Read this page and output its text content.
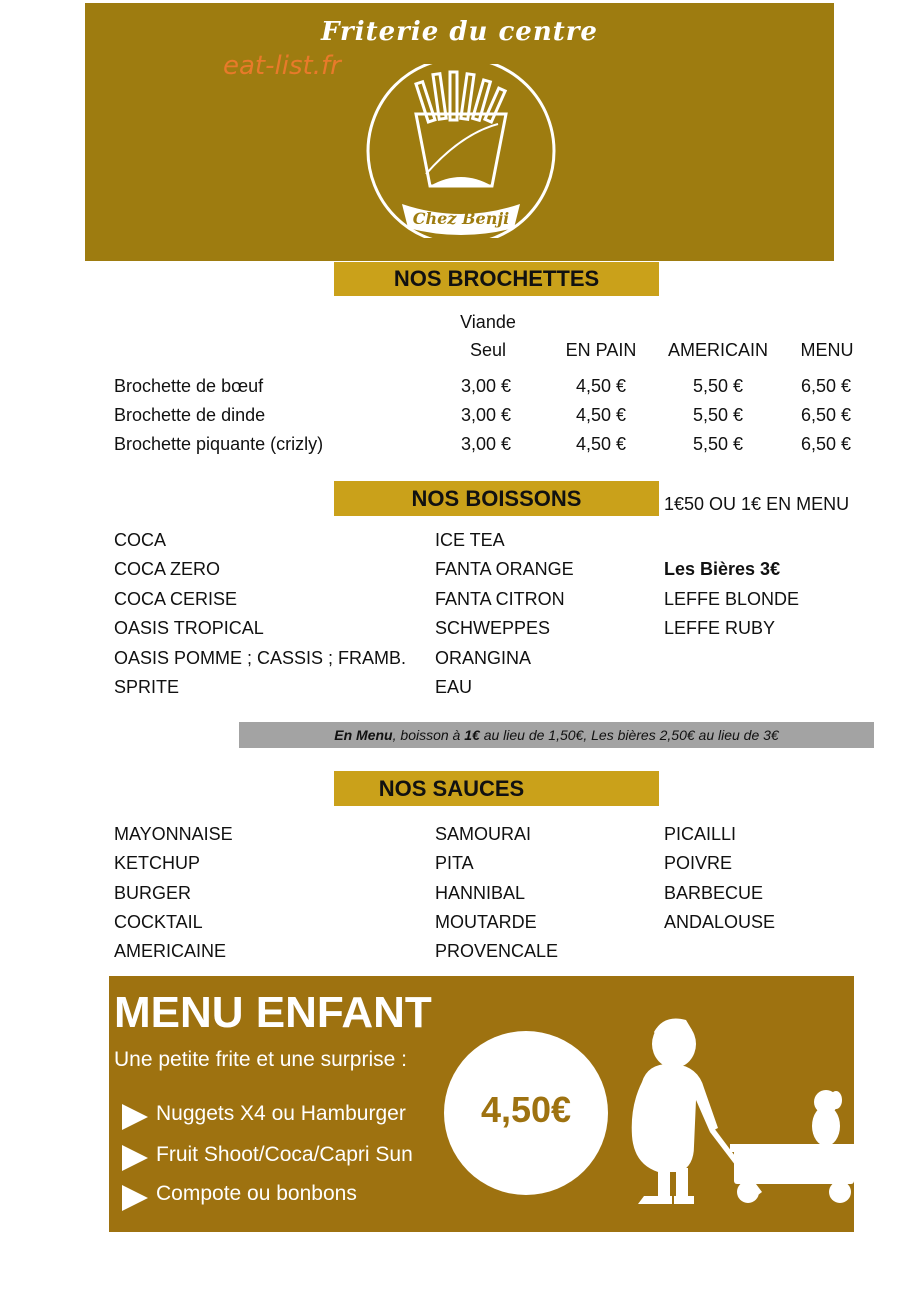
Friterie du centre
eat-list.fr
Chez Benji
NOS BROCHETTES
Viande
Seul	EN PAIN	AMERICAIN	MENU
Brochette de bœuf	3,00 €	4,50 €	5,50 €	6,50 €
Brochette de dinde	3,00 €	4,50 €	5,50 €	6,50 €
Brochette piquante (crizly)	3,00 €	4,50 €	5,50 €	6,50 €
NOS BOISSONS	1€50 OU 1€ EN MENU
COCA
COCA ZERO
COCA CERISE
OASIS TROPICAL
OASIS POMME ; CASSIS ; FRAMB.
SPRITE
ICE TEA
FANTA ORANGE
FANTA CITRON
SCHWEPPES
ORANGINA
EAU
Les Bières 3€
LEFFE BLONDE
LEFFE RUBY
En Menu, boisson à 1€ au lieu de 1,50€, Les bières 2,50€ au lieu de 3€
NOS SAUCES
MAYONNAISE
KETCHUP
BURGER
COCKTAIL
AMERICAINE
SAMOURAI
PITA
HANNIBAL
MOUTARDE
PROVENCALE
PICAILLI
POIVRE
BARBECUE
ANDALOUSE
MENU ENFANT
Une petite frite et une surprise :
Nuggets X4 ou Hamburger
Fruit Shoot/Coca/Capri Sun
Compote ou bonbons
4,50€
